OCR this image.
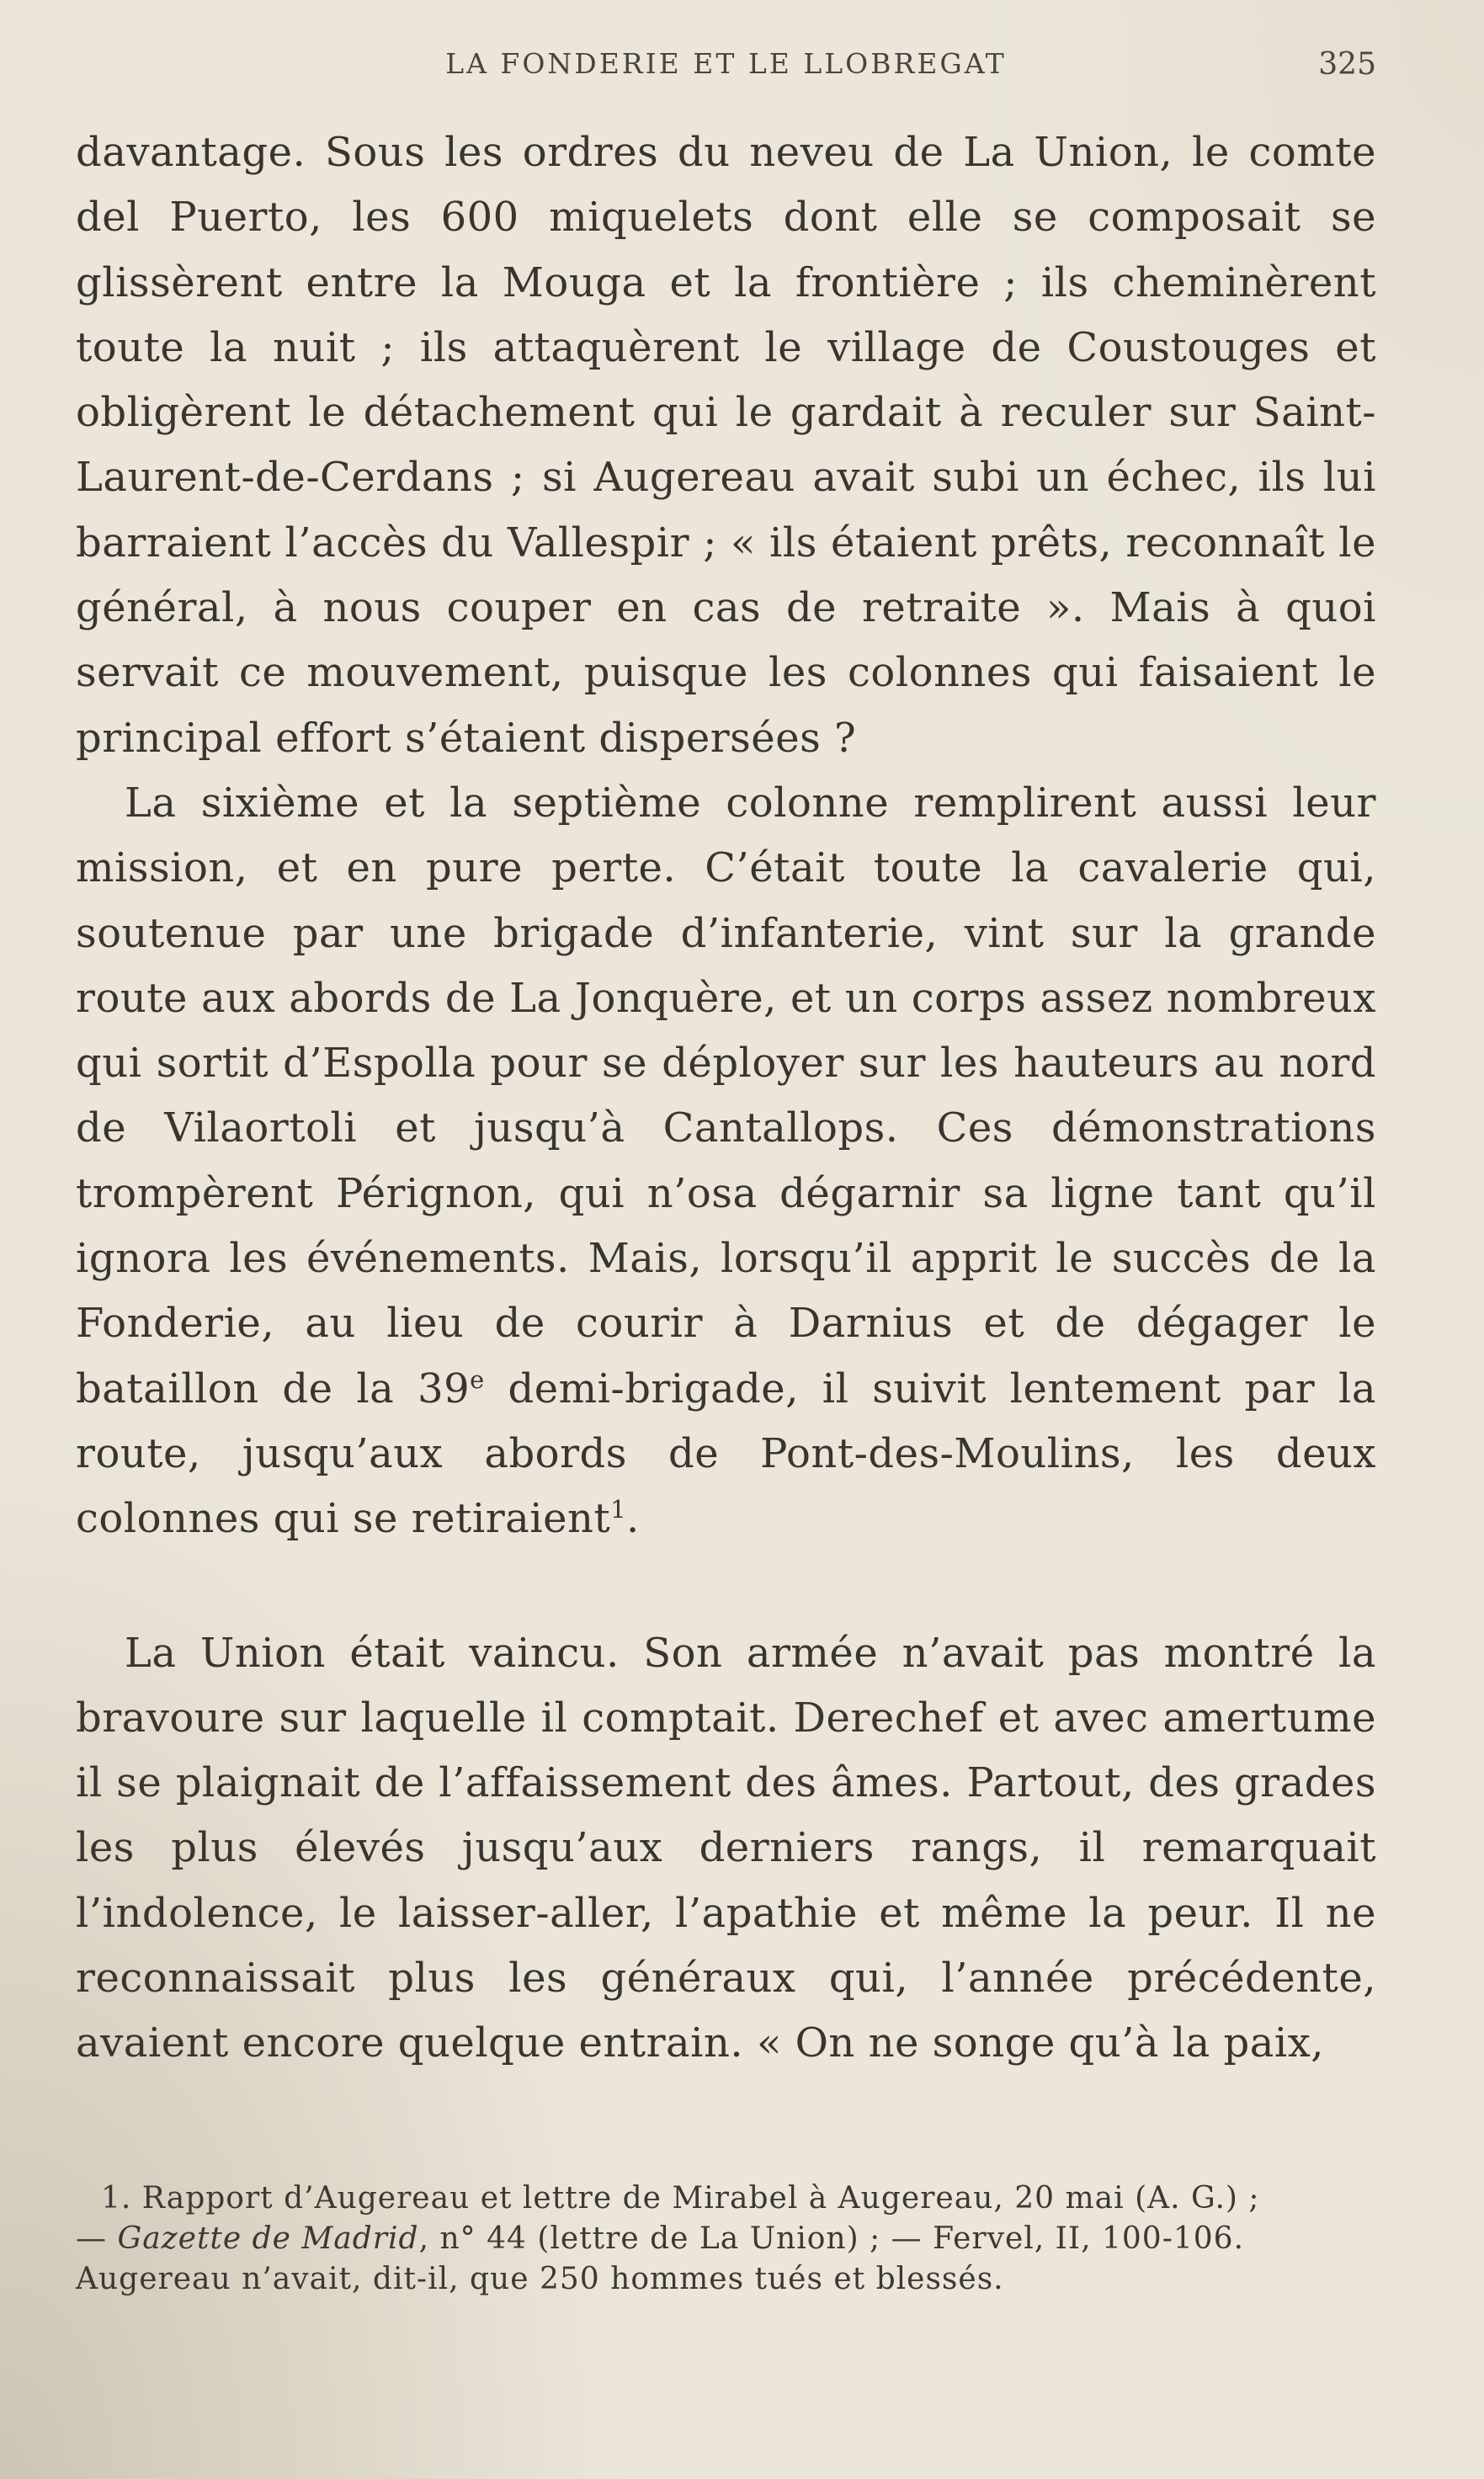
LA FONDERIE ET LE LLOBREGAT	325

davantage. Sous les ordres du neveu de La Union, le comte del Puerto, les 600 miquelets dont elle se composait se glissèrent entre la Mouga et la frontière ; ils cheminèrent toute la nuit ; ils attaquèrent le village de Coustouges et obligèrent le détachement qui le gardait à reculer sur Saint-Laurent-de-Cerdans ; si Augereau avait subi un échec, ils lui barraient l’accès du Vallespir ; « ils étaient prêts, reconnaît le général, à nous couper en cas de retraite ». Mais à quoi servait ce mouvement, puisque les colonnes qui faisaient le principal effort s’étaient dispersées ?

La sixième et la septième colonne remplirent aussi leur mission, et en pure perte. C’était toute la cavalerie qui, soutenue par une brigade d’infanterie, vint sur la grande route aux abords de La Jonquère, et un corps assez nombreux qui sortit d’Espolla pour se déployer sur les hauteurs au nord de Vilaortoli et jusqu’à Cantallops. Ces démonstrations trompèrent Pérignon, qui n’osa dégarnir sa ligne tant qu’il ignora les événements. Mais, lorsqu’il apprit le succès de la Fonderie, au lieu de courir à Darnius et de dégager le bataillon de la 39e demi-brigade, il suivit lentement par la route, jusqu’aux abords de Pont-des-Moulins, les deux colonnes qui se retiraient$^1$.

La Union était vaincu. Son armée n’avait pas montré la bravoure sur laquelle il comptait. Derechef et avec amertume il se plaignait de l’affaissement des âmes. Partout, des grades les plus élevés jusqu’aux derniers rangs, il remarquait l’indolence, le laisser-aller, l’apathie et même la peur. Il ne reconnaissait plus les généraux qui, l’année précédente, avaient encore quelque entrain. « On ne songe qu’à la paix,

1. Rapport d’Augereau et lettre de Mirabel à Augereau, 20 mai (A. G.) ;
— Gazette de Madrid, n° 44 (lettre de La Union) ; — Fervel, II, 100-106.
Augereau n’avait, dit-il, que 250 hommes tués et blessés.
